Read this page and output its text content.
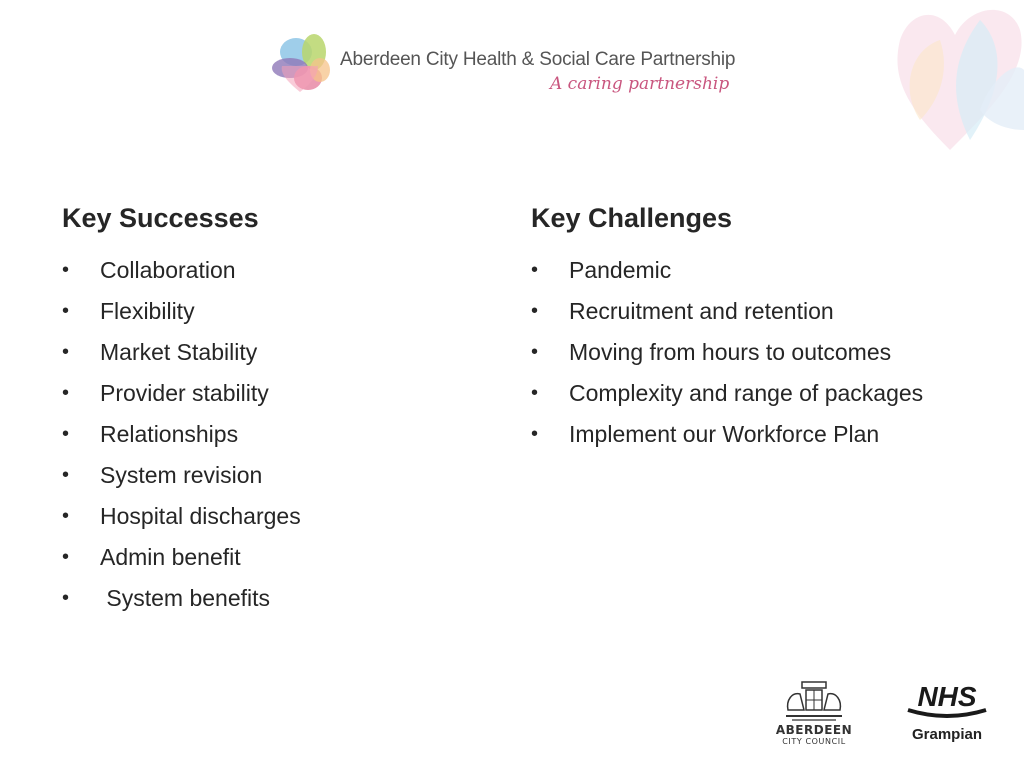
Aberdeen City Health & Social Care Partnership
A caring partnership
Key Successes
• Collaboration
• Flexibility
• Market Stability
• Provider stability
• Relationships
• System revision
• Hospital discharges
• Admin benefit
• System benefits
Key Challenges
• Pandemic
• Recruitment and retention
• Moving from hours to outcomes
• Complexity and range of packages
• Implement our Workforce Plan
ABERDEEN
CITY COUNCIL
NHS
Grampian
